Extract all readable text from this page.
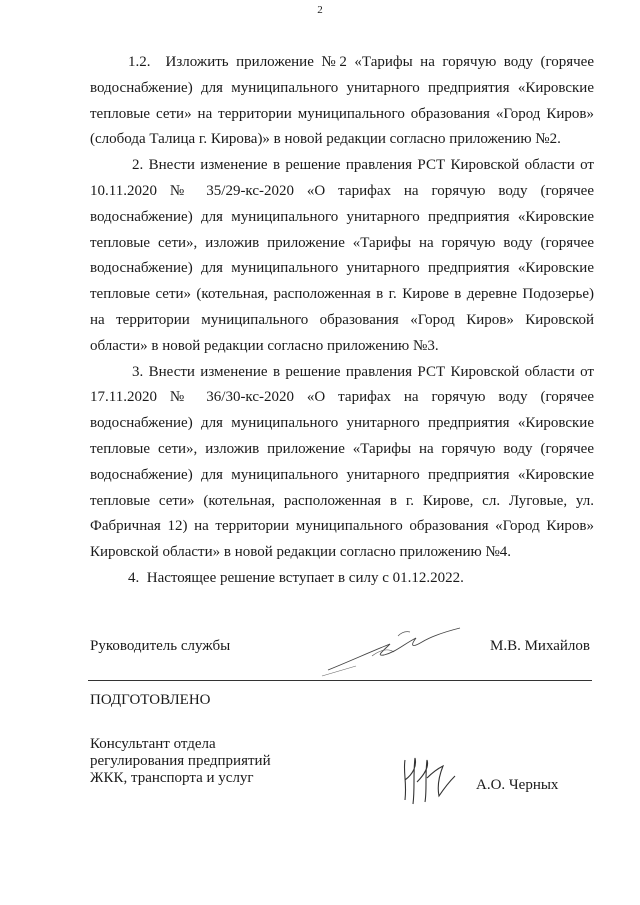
2

1.2.  Изложить приложение №2 «Тарифы на горячую воду (горячее водоснабжение) для муниципального унитарного предприятия «Кировские тепловые сети» на территории муниципального образования «Город Киров» (слобода Талица г. Кирова)» в новой редакции согласно приложению №2.

2. Внести изменение в решение правления РСТ Кировской области от 10.11.2020 № 35/29-кс-2020 «О тарифах на горячую воду (горячее водоснабжение) для муниципального унитарного предприятия «Кировские тепловые сети», изложив приложение «Тарифы на горячую воду (горячее водоснабжение) для муниципального унитарного предприятия «Кировские тепловые сети» (котельная, расположенная в г. Кирове в деревне Подозерье) на территории муниципального образования «Город Киров» Кировской области» в новой редакции согласно приложению №3.

3. Внести изменение в решение правления РСТ Кировской области от 17.11.2020 № 36/30-кс-2020 «О тарифах на горячую воду (горячее водоснабжение) для муниципального унитарного предприятия «Кировские тепловые сети», изложив приложение «Тарифы на горячую воду (горячее водоснабжение) для муниципального унитарного предприятия «Кировские тепловые сети» (котельная, расположенная в г. Кирове, сл. Луговые, ул. Фабричная 12) на территории муниципального образования «Город Киров» Кировской области» в новой редакции согласно приложению №4.

4.  Настоящее решение вступает в силу с 01.12.2022.

Руководитель службы	М.В. Михайлов
ПОДГОТОВЛЕНО
Консультант отдела
регулирования предприятий
ЖКК, транспорта и услуг	А.О. Черных
